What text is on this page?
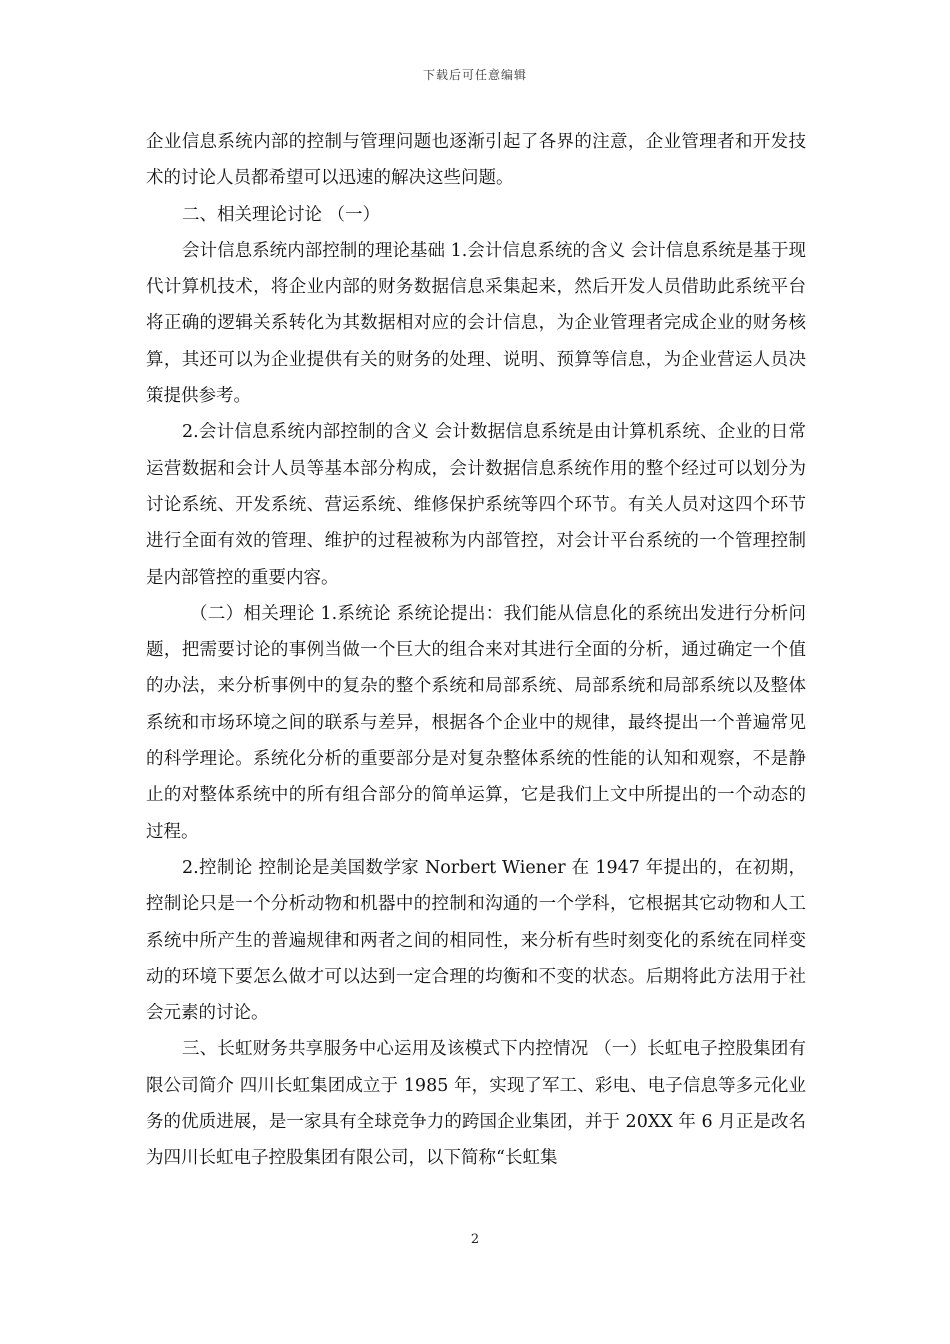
下载后可任意编辑

企业信息系统内部的控制与管理问题也逐渐引起了各界的注意，企业管理者和开发技术的讨论人员都希望可以迅速的解决这些问题。

二、相关理论讨论 （一）

会计信息系统内部控制的理论基础 1.会计信息系统的含义 会计信息系统是基于现代计算机技术，将企业内部的财务数据信息采集起来，然后开发人员借助此系统平台将正确的逻辑关系转化为其数据相对应的会计信息，为企业管理者完成企业的财务核算，其还可以为企业提供有关的财务的处理、说明、预算等信息，为企业营运人员决策提供参考。

2.会计信息系统内部控制的含义 会计数据信息系统是由计算机系统、企业的日常运营数据和会计人员等基本部分构成，会计数据信息系统作用的整个经过可以划分为讨论系统、开发系统、营运系统、维修保护系统等四个环节。有关人员对这四个环节进行全面有效的管理、维护的过程被称为内部管控，对会计平台系统的一个管理控制是内部管控的重要内容。

（二）相关理论 1.系统论 系统论提出：我们能从信息化的系统出发进行分析问题，把需要讨论的事例当做一个巨大的组合来对其进行全面的分析，通过确定一个值的办法，来分析事例中的复杂的整个系统和局部系统、局部系统和局部系统以及整体系统和市场环境之间的联系与差异，根据各个企业中的规律，最终提出一个普遍常见的科学理论。系统化分析的重要部分是对复杂整体系统的性能的认知和观察，不是静止的对整体系统中的所有组合部分的简单运算，它是我们上文中所提出的一个动态的过程。

2.控制论 控制论是美国数学家 Norbert Wiener 在 1947 年提出的，在初期，控制论只是一个分析动物和机器中的控制和沟通的一个学科，它根据其它动物和人工系统中所产生的普遍规律和两者之间的相同性，来分析有些时刻变化的系统在同样变动的环境下要怎么做才可以达到一定合理的均衡和不变的状态。后期将此方法用于社会元素的讨论。

三、长虹财务共享服务中心运用及该模式下内控情况 （一）长虹电子控股集团有限公司简介 四川长虹集团成立于 1985 年，实现了军工、彩电、电子信息等多元化业务的优质进展，是一家具有全球竞争力的跨国企业集团，并于 20XX 年 6 月正是改名为四川长虹电子控股集团有限公司，以下简称“长虹集

2
